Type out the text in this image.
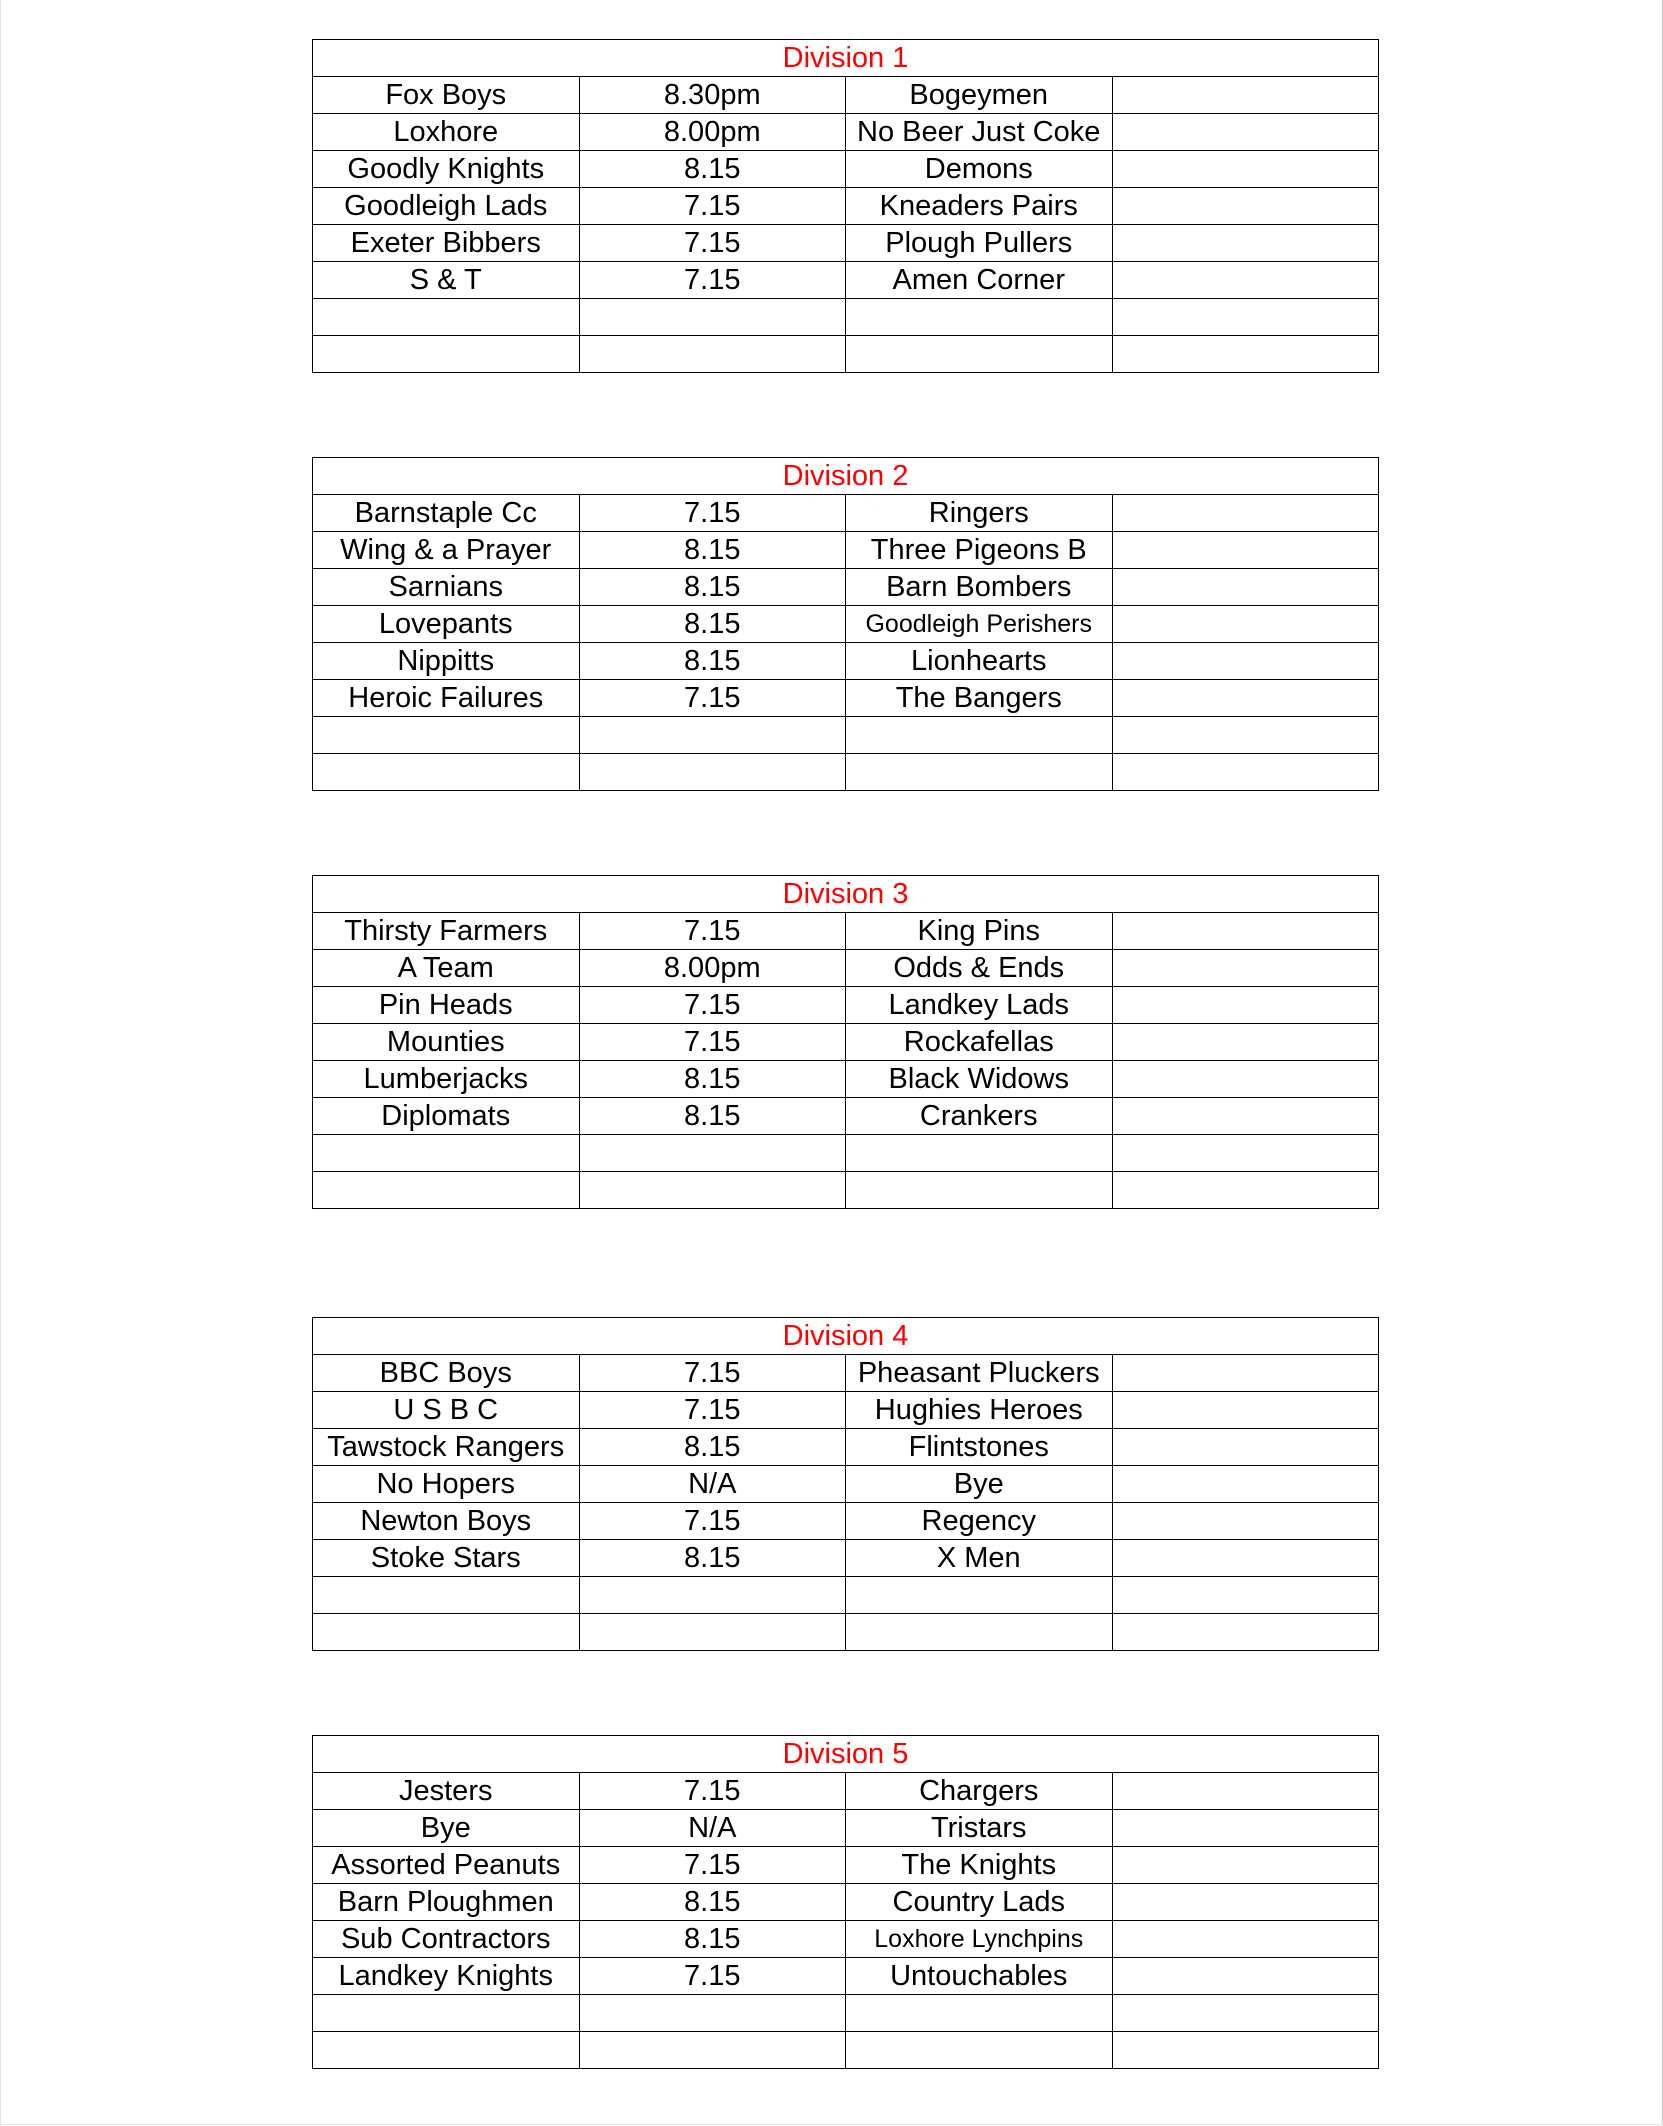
Division 1			
Fox Boys	8.30pm	Bogeymen	
Loxhore	8.00pm	No Beer Just Coke	
Goodly Knights	8.15	Demons	
Goodleigh Lads	7.15	Kneaders Pairs	
Exeter Bibbers	7.15	Plough Pullers	
S & T	7.15	Amen Corner	

Division 2			
Barnstaple Cc	7.15	Ringers	
Wing & a Prayer	8.15	Three Pigeons B	
Sarnians	8.15	Barn Bombers	
Lovepants	8.15	Goodleigh Perishers	
Nippitts	8.15	Lionhearts	
Heroic Failures	7.15	The Bangers	

Division 3			
Thirsty Farmers	7.15	King Pins	
A Team	8.00pm	Odds & Ends	
Pin Heads	7.15	Landkey Lads	
Mounties	7.15	Rockafellas	
Lumberjacks	8.15	Black Widows	
Diplomats	8.15	Crankers	

Division 4			
BBC Boys	7.15	Pheasant Pluckers	
U S B C	7.15	Hughies Heroes	
Tawstock Rangers	8.15	Flintstones	
No Hopers	N/A	Bye	
Newton Boys	7.15	Regency	
Stoke Stars	8.15	X Men	

Division 5			
Jesters	7.15	Chargers	
Bye	N/A	Tristars	
Assorted Peanuts	7.15	The Knights	
Barn Ploughmen	8.15	Country Lads	
Sub Contractors	8.15	Loxhore Lynchpins	
Landkey Knights	7.15	Untouchables	
